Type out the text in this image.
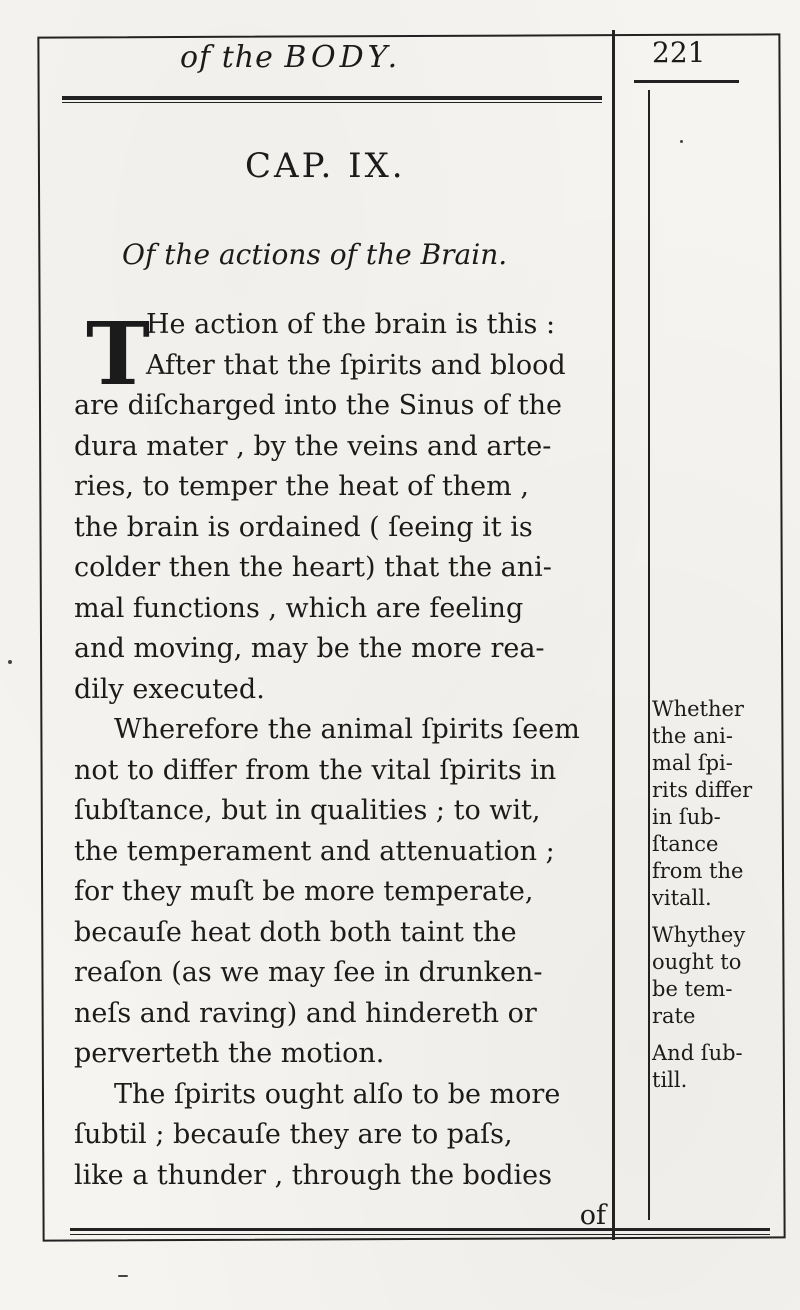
of the BODY.	221
CAP. IX.
Of the actions of the Brain.
T
He action of the brain is this :
After that the ſpirits and blood
are diſcharged into the Sinus of the
dura mater , by the veins and arte-
ries, to temper the heat of them ,
the brain is ordained ( ſeeing it is
colder then the heart) that the ani-
mal functions , which are feeling
and moving, may be the more rea-
dily executed.
Wherefore the animal ſpirits ſeem
not to differ from the vital ſpirits in
ſubſtance, but in qualities ; to wit,
the temperament and attenuation ;
for they muſt be more temperate,
becauſe heat doth both taint the
reaſon (as we may ſee in drunken-
neſs and raving) and hindereth or
perverteth the motion.
The ſpirits ought alſo to be more
ſubtil ; becauſe they are to paſs,
like a thunder , through the bodies
of
Whether
the ani-
mal ſpi-
rits differ
in ſub-
ſtance
from the
vitall.
Whythey
ought to
be tem-
rate
And ſub-
till.
